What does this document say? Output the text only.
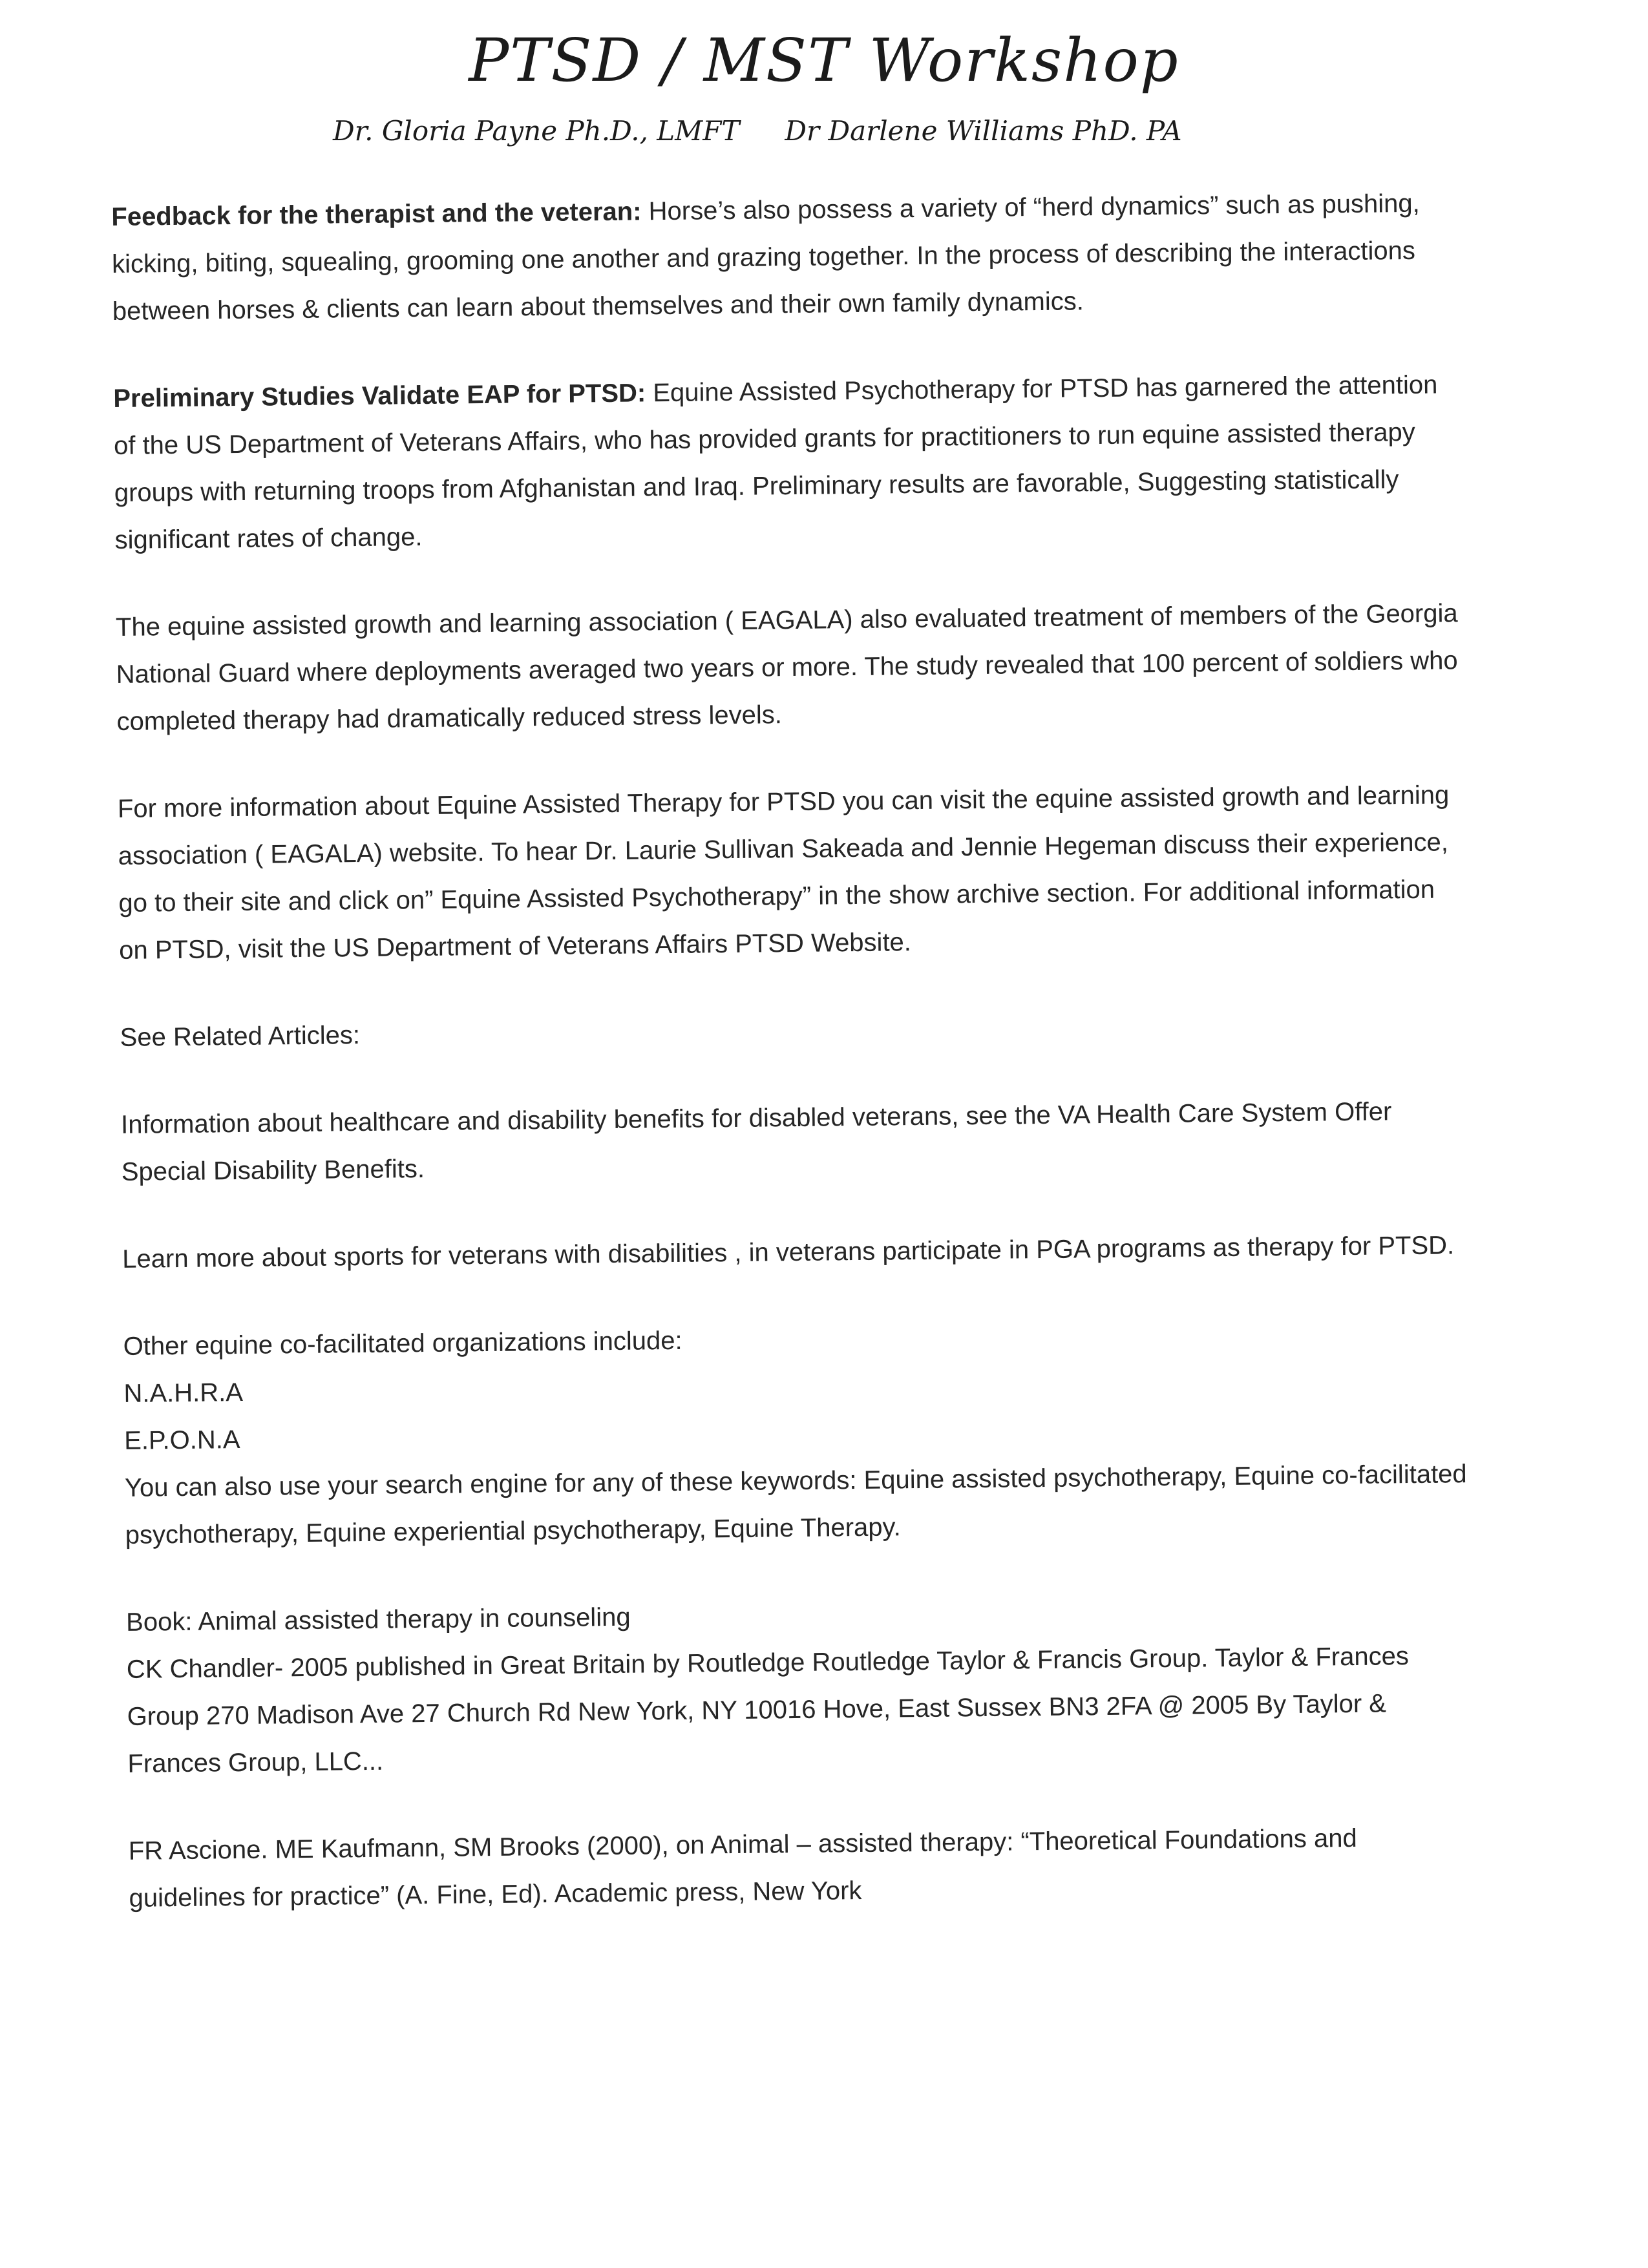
PTSD / MST Workshop
Dr. Gloria Payne Ph.D., LMFT Dr Darlene Williams PhD. PA

Feedback for the therapist and the veteran: Horse’s also possess a variety of “herd dynamics” such as pushing, kicking, biting, squealing, grooming one another and grazing together. In the process of describing the interactions between horses & clients can learn about themselves and their own family dynamics.

Preliminary Studies Validate EAP for PTSD: Equine Assisted Psychotherapy for PTSD has garnered the attention of the US Department of Veterans Affairs, who has provided grants for practitioners to run equine assisted therapy groups with returning troops from Afghanistan and Iraq. Preliminary results are favorable, Suggesting statistically significant rates of change.

The equine assisted growth and learning association ( EAGALA) also evaluated treatment of members of the Georgia National Guard where deployments averaged two years or more. The study revealed that 100 percent of soldiers who completed therapy had dramatically reduced stress levels.

For more information about Equine Assisted Therapy for PTSD you can visit the equine assisted growth and learning association ( EAGALA) website. To hear Dr. Laurie Sullivan Sakeada and Jennie Hegeman discuss their experience, go to their site and click on” Equine Assisted Psychotherapy” in the show archive section. For additional information on PTSD, visit the US Department of Veterans Affairs PTSD Website.

See Related Articles:

Information about healthcare and disability benefits for disabled veterans, see the VA Health Care System Offer Special Disability Benefits.

Learn more about sports for veterans with disabilities , in veterans participate in PGA programs as therapy for PTSD.

Other equine co-facilitated organizations include:
N.A.H.R.A
E.P.O.N.A
You can also use your search engine for any of these keywords: Equine assisted psychotherapy, Equine co-facilitated psychotherapy, Equine experiential psychotherapy, Equine Therapy.
Book: Animal assisted therapy in counseling
CK Chandler- 2005 published in Great Britain by Routledge Routledge Taylor & Francis Group. Taylor & Frances Group 270 Madison Ave 27 Church Rd New York, NY 10016 Hove, East Sussex BN3 2FA @ 2005 By Taylor & Frances Group, LLC...

FR Ascione. ME Kaufmann, SM Brooks (2000), on Animal – assisted therapy: “Theoretical Foundations and guidelines for practice” (A. Fine, Ed). Academic press, New York
